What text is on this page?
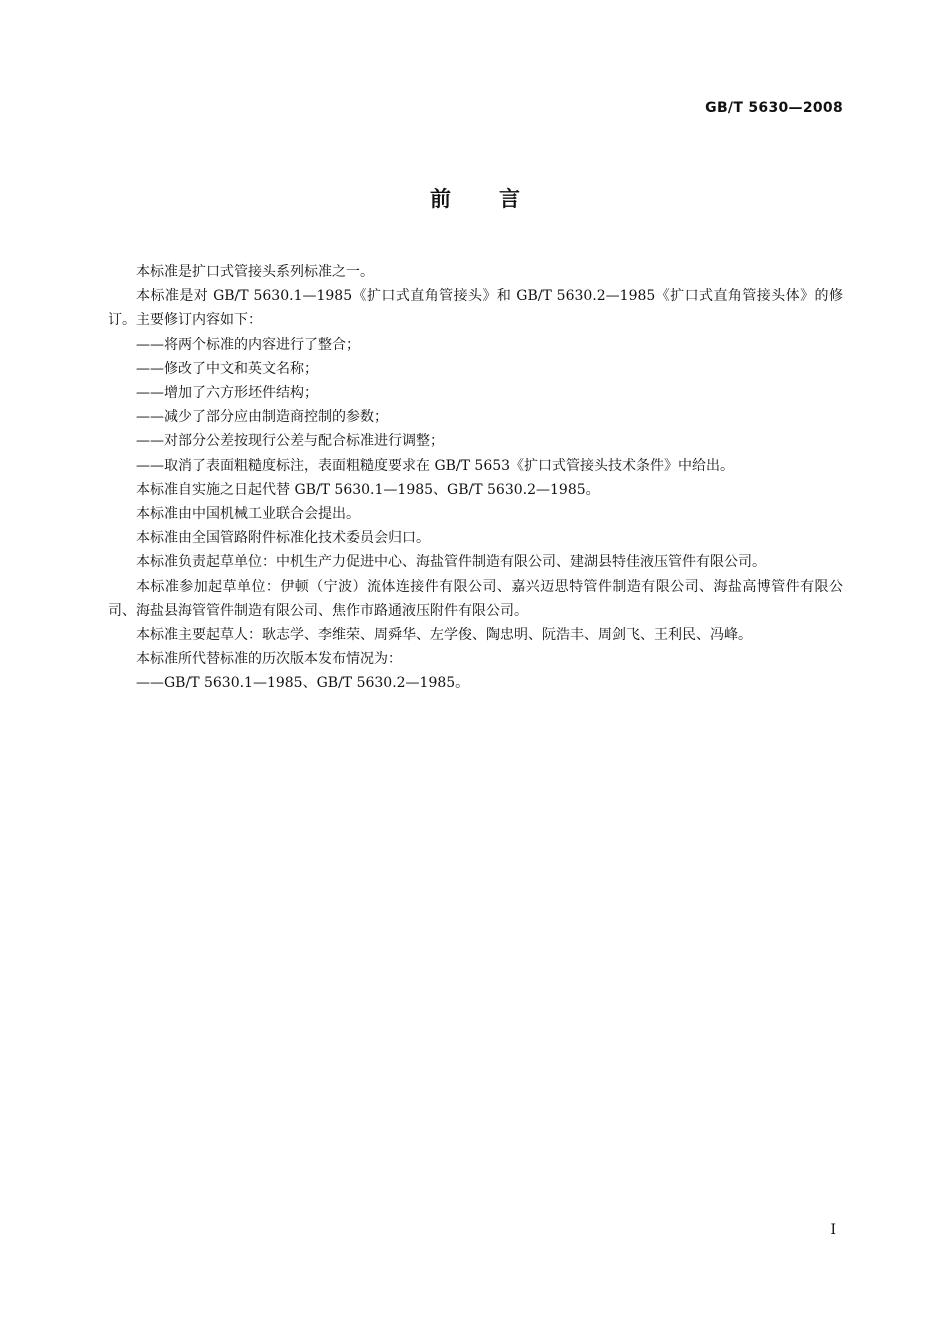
GB/T 5630—2008
前言

本标准是扩口式管接头系列标准之一。

本标准是对 GB/T 5630.1—1985《扩口式直角管接头》和 GB/T 5630.2—1985《扩口式直角管接头体》的修订。主要修订内容如下：

——将两个标准的内容进行了整合；

——修改了中文和英文名称；

——增加了六方形坯件结构；

——减少了部分应由制造商控制的参数；

——对部分公差按现行公差与配合标准进行调整；

——取消了表面粗糙度标注，表面粗糙度要求在 GB/T 5653《扩口式管接头技术条件》中给出。

本标准自实施之日起代替 GB/T 5630.1—1985、GB/T 5630.2—1985。

本标准由中国机械工业联合会提出。

本标准由全国管路附件标准化技术委员会归口。

本标准负责起草单位：中机生产力促进中心、海盐管件制造有限公司、建湖县特佳液压管件有限公司。

本标准参加起草单位：伊顿（宁波）流体连接件有限公司、嘉兴迈思特管件制造有限公司、海盐高博管件有限公司、海盐县海管管件制造有限公司、焦作市路通液压附件有限公司。

本标准主要起草人：耿志学、李维荣、周舜华、左学俊、陶忠明、阮浩丰、周剑飞、王利民、冯峰。

本标准所代替标准的历次版本发布情况为：

——GB/T 5630.1—1985、GB/T 5630.2—1985。

I
